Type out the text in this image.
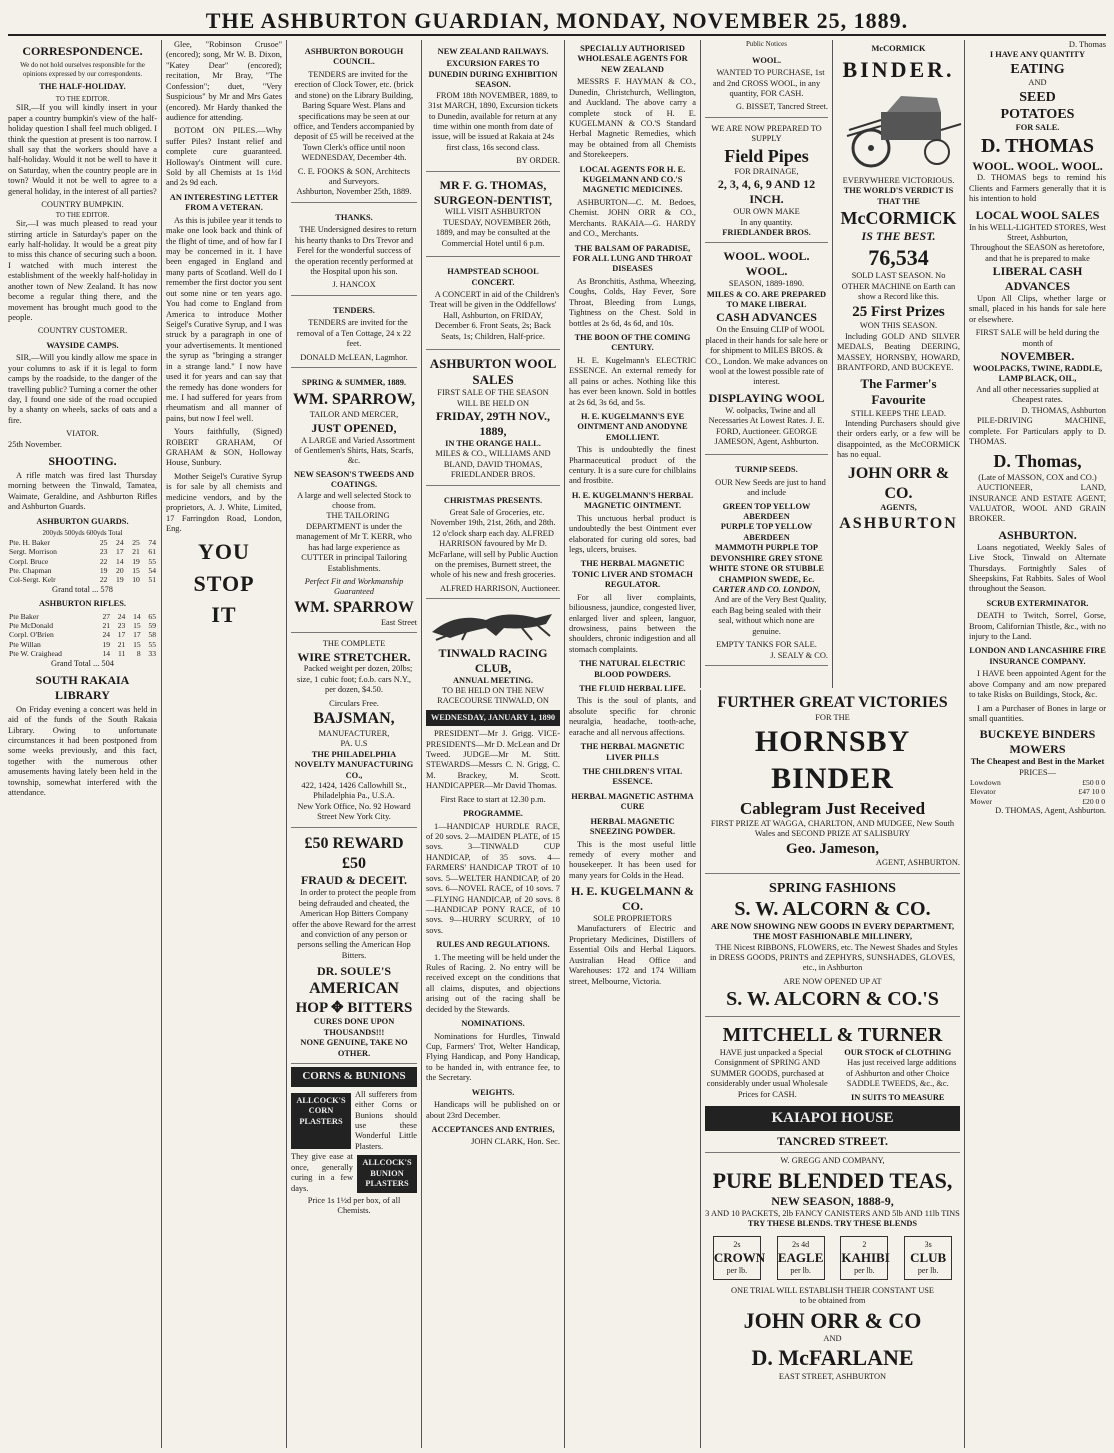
THE ASHBURTON GUARDIAN, MONDAY, NOVEMBER 25, 1889.
CORRESPONDENCE.
We do not hold ourselves responsible for the opinions expressed by our correspondents.
THE HALF-HOLIDAY.
TO THE EDITOR.

SIR,—If you will kindly insert in your paper a country bumpkin's view of the half-holiday question I shall feel much obliged. I think the question at present is too narrow. I shall say that the workers should have a half-holiday. Would it not be well to have it on Saturday, when the country people are in town? Would it not be well to agree to a general holiday, in the interest of all parties?

COUNTRY BUMPKIN.
TO THE EDITOR.

Sir,—I was much pleased to read your stirring article in Saturday's paper on the early half-holiday. It would be a great pity to miss this chance of securing such a boon. I watched with much interest the establishment of the weekly half-holiday in another town of New Zealand. It has now become a regular thing there, and the movement has brought much good to the people.

COUNTRY CUSTOMER.
WAYSIDE CAMPS.

SIR,—Will you kindly allow me space in your columns to ask if it is legal to form camps by the roadside, to the danger of the travelling public? Turning a corner the other day, I found one side of the road occupied by a shanty on wheels, sacks of oats and a fire.

VIATOR.
25th November.
SHOOTING.

A rifle match was fired last Thursday morning between the Tinwald, Tamatea, Waimate, Geraldine, and Ashburton Rifles and Ashburton Guards.

ASHBURTON GUARDS.
200yds 500yds 600yds Total
Pte. H. Baker	25	24	25	74
Sergt. Morrison	23	17	21	61
Corpl. Bruce	22	14	19	55
Pte. Chapman	19	20	15	54
Col-Sergt. Kelr	22	19	10	51
Grand total ... 578
ASHBURTON RIFLES.
Pte Baker	27	24	14	65
Pte McDonald	21	23	15	59
Corpl. O'Brien	24	17	17	58
Pte Willan	19	21	15	55
Pte W. Craighead	14	11	8	33
Grand Total ... 504
SOUTH RAKAIA LIBRARY

On Friday evening a concert was held in aid of the funds of the South Rakaia Library. Owing to unfortunate circumstances it had been postponed from some weeks previously, and this fact, together with the numerous other amusements having lately been held in the township, somewhat interfered with the attendance.

Glee, "Robinson Crusoe" (encored); song, Mr W. B. Dixon, "Katey Dear" (encored); recitation, Mr Bray, "The Confession"; duet, "Very Suspicious" by Mr and Mrs Gates (encored). Mr Hardy thanked the audience for attending.

BOTOM ON PILES.—Why suffer Piles? Instant relief and complete cure guaranteed. Holloway's Ointment will cure. Sold by all Chemists at 1s 1½d and 2s 9d each.

AN INTERESTING LETTER FROM A VETERAN.

As this is jubilee year it tends to make one look back and think of the flight of time, and of how far I may be concerned in it. I have been engaged in England and many parts of Scotland. Well do I remember the first doctor you sent out some nine or ten years ago. You had come to England from America to introduce Mother Seigel's Curative Syrup, and I was struck by a paragraph in one of your advertisements. It mentioned the syrup as "bringing a stranger in a strange land." I now have used it for years and can say that the remedy has done wonders for me. I had suffered for years from rheumatism and all manner of pains, but now I feel well.

Yours faithfully, (Signed) ROBERT GRAHAM, Of GRAHAM & SON, Holloway House, Sunbury.

Mother Seigel's Curative Syrup is for sale by all chemists and medicine vendors, and by the proprietors, A. J. White, Limited, 17 Farringdon Road, London, Eng.

YOU
STOP
IT
ASHBURTON BOROUGH COUNCIL.

TENDERS are invited for the erection of Clock Tower, etc. (brick and stone) on the Library Building, Baring Square West. Plans and specifications may be seen at our office, and Tenders accompanied by deposit of £5 will be received at the Town Clerk's office until noon WEDNESDAY, December 4th.

C. E. FOOKS & SON, Architects and Surveyors.
Ashburton, November 25th, 1889.
THANKS.

THE Undersigned desires to return his hearty thanks to Drs Trevor and Ferel for the wonderful success of the operation recently performed at the Hospital upon his son.

J. HANCOX
TENDERS.

TENDERS are invited for the removal of a Ten Cottage, 24 x 22 feet.

DONALD McLEAN, Lagmhor.
SPRING & SUMMER, 1889.
WM. SPARROW,
TAILOR AND MERCER,
JUST OPENED,

A LARGE and Varied Assortment of Gentlemen's Shirts, Hats, Scarfs, &c.

NEW SEASON'S TWEEDS AND COATINGS.
A large and well selected Stock to choose from.

THE TAILORING DEPARTMENT is under the management of Mr T. KERR, who has had large experience as CUTTER in principal Tailoring Establishments.

Perfect Fit and Workmanship Guaranteed
WM. SPARROW
East Street
THE COMPLETE
WIRE STRETCHER.

Packed weight per dozen, 20lbs; size, 1 cubic foot; f.o.b. cars N.Y., per dozen, $4.50.

Circulars Free.
BAJSMAN,
MANUFACTURER,
PA. U.S
THE PHILADELPHIA NOVELTY MANUFACTURING CO.,
422, 1424, 1426 Callowhill St., Philadelphia Pa., U.S.A.
New York Office, No. 92 Howard Street New York City.
£50 REWARD £50
FRAUD & DECEIT.

In order to protect the people from being defrauded and cheated, the American Hop Bitters Company offer the above Reward for the arrest and conviction of any person or persons selling the American Hop Bitters.

DR. SOULE'S
AMERICAN
HOP ✥ BITTERS
CURES DONE UPON THOUSANDS!!!
NONE GENUINE, TAKE NO OTHER.
CORNS & BUNIONS
ALLCOCK'S CORN PLASTERS
All sufferers from either Corns or Bunions should use these Wonderful Little Plasters.
They give ease at once, generally curing in a few days.
ALLCOCK'S BUNION PLASTERS
Price 1s 1½d per box, of all Chemists.
NEW ZEALAND RAILWAYS.
EXCURSION FARES TO DUNEDIN DURING EXHIBITION SEASON.

FROM 18th NOVEMBER, 1889, to 31st MARCH, 1890, Excursion tickets to Dunedin, available for return at any time within one month from date of issue, will be issued at Rakaia at 24s first class, 16s second class.

BY ORDER.
MR F. G. THOMAS,
SURGEON-DENTIST,
WILL VISIT ASHBURTON

TUESDAY, NOVEMBER 26th, 1889, and may be consulted at the Commercial Hotel until 6 p.m.

HAMPSTEAD SCHOOL CONCERT.

A CONCERT in aid of the Children's Treat will be given in the Oddfellows' Hall, Ashburton, on FRIDAY, December 6. Front Seats, 2s; Back Seats, 1s; Children, Half-price.

ASHBURTON WOOL SALES
FIRST SALE OF THE SEASON WILL BE HELD ON
FRIDAY, 29TH NOV., 1889,
IN THE ORANGE HALL.
MILES & CO., WILLIAMS AND BLAND, DAVID THOMAS, FRIEDLANDER BROS.
CHRISTMAS PRESENTS.

Great Sale of Groceries, etc. November 19th, 21st, 26th, and 28th. 12 o'clock sharp each day. ALFRED HARRISON favoured by Mr D. McFarlane, will sell by Public Auction on the premises, Burnett street, the whole of his new and fresh groceries.

ALFRED HARRISON, Auctioneer.
TINWALD RACING CLUB,
ANNUAL MEETING.
TO BE HELD ON THE NEW RACECOURSE TINWALD, ON
WEDNESDAY, JANUARY 1, 1890

PRESIDENT—Mr J. Grigg. VICE-PRESIDENTS—Mr D. McLean and Dr Tweed. JUDGE—Mr M. Stitt. STEWARDS—Messrs C. N. Grigg, C. M. Brackey, M. Scott. HANDICAPPER—Mr David Thomas.

First Race to start at 12.30 p.m.
PROGRAMME.

1—HANDICAP HURDLE RACE, of 20 sovs. 2—MAIDEN PLATE, of 15 sovs. 3—TINWALD CUP HANDICAP, of 35 sovs. 4—FARMERS' HANDICAP TROT of 10 sovs. 5—WELTER HANDICAP, of 20 sovs. 6—NOVEL RACE, of 10 sovs. 7—FLYING HANDICAP, of 20 sovs. 8—HANDICAP PONY RACE, of 10 sovs. 9—HURRY SCURRY, of 10 sovs.

RULES AND REGULATIONS.

1. The meeting will be held under the Rules of Racing. 2. No entry will be received except on the conditions that all claims, disputes, and objections arising out of the racing shall be decided by the Stewards.

NOMINATIONS.

Nominations for Hurdles, Tinwald Cup, Farmers' Trot, Welter Handicap, Flying Handicap, and Pony Handicap, to be handed in, with entrance fee, to the Secretary.

WEIGHTS.

Handicaps will be published on or about 23rd December.

ACCEPTANCES AND ENTRIES,
JOHN CLARK, Hon. Sec.
SPECIALLY AUTHORISED WHOLESALE AGENTS FOR NEW ZEALAND

MESSRS F. HAYMAN & CO., Dunedin, Christchurch, Wellington, and Auckland. The above carry a complete stock of H. E. KUGELMANN & CO.'S Standard Herbal Magnetic Remedies, which may be obtained from all Chemists and Storekeepers.

LOCAL AGENTS FOR H. E. KUGELMANN AND CO.'S MAGNETIC MEDICINES.

ASHBURTON—C. M. Bedoes, Chemist. JOHN ORR & CO., Merchants. RAKAIA—G. HARDY and CO., Merchants.

THE BALSAM OF PARADISE, FOR ALL LUNG AND THROAT DISEASES

As Bronchitis, Asthma, Wheezing, Coughs, Colds, Hay Fever, Sore Throat, Bleeding from Lungs, Tightness on the Chest. Sold in bottles at 2s 6d, 4s 6d, and 10s.

THE BOON OF THE COMING CENTURY.

H. E. Kugelmann's ELECTRIC ESSENCE. An external remedy for all pains or aches. Nothing like this has ever been known. Sold in bottles at 2s 6d, 3s 6d, and 5s.

H. E. KUGELMANN'S EYE OINTMENT AND ANODYNE EMOLLIENT.

This is undoubtedly the finest Pharmaceutical product of the century. It is a sure cure for chilblains and frostbite.

H. E. KUGELMANN'S HERBAL MAGNETIC OINTMENT.

This unctuous herbal product is undoubtedly the best Ointment ever elaborated for curing old sores, bad legs, ulcers, bruises.

THE HERBAL MAGNETIC TONIC LIVER AND STOMACH REGULATOR.

For all liver complaints, biliousness, jaundice, congested liver, enlarged liver and spleen, languor, drowsiness, pains between the shoulders, chronic indigestion and all stomach complaints.

THE NATURAL ELECTRIC BLOOD POWDERS.
THE FLUID HERBAL LIFE.

This is the soul of plants, and absolute specific for chronic neuralgia, headache, tooth-ache, earache and all nervous affections.

THE HERBAL MAGNETIC LIVER PILLS
THE CHILDREN'S VITAL ESSENCE.
HERBAL MAGNETIC ASTHMA CURE
HERBAL MAGNETIC SNEEZING POWDER.

This is the most useful little remedy of every mother and housekeeper. It has been used for many years for Colds in the Head.

H. E. KUGELMANN & CO.
SOLE PROPRIETORS

Manufacturers of Electric and Proprietary Medicines, Distillers of Essential Oils and Herbal Liquors. Australian Head Office and Warehouses: 172 and 174 William street, Melbourne, Victoria.

Public Notices
WOOL.

WANTED TO PURCHASE, 1st and 2nd CROSS WOOL, in any quantity, FOR CASH.

G. BISSET, Tancred Street.
WE ARE NOW PREPARED TO SUPPLY
Field Pipes
FOR DRAINAGE,
2, 3, 4, 6, 9 AND 12 INCH.
OUR OWN MAKE
In any quantity.
FRIEDLANDER BROS.
WOOL. WOOL. WOOL.
SEASON, 1889-1890.
MILES & CO. ARE PREPARED TO MAKE LIBERAL
CASH ADVANCES

On the Ensuing CLIP of WOOL placed in their hands for sale here or for shipment to MILES BROS. & CO., London. We make advances on wool at the lowest possible rate of interest.

DISPLAYING WOOL

W. oolpacks, Twine and all Necessaries At Lowest Rates. J. E. FORD, Auctioneer. GEORGE JAMESON, Agent, Ashburton.

TURNIP SEEDS.

OUR New Seeds are just to hand and include

GREEN TOP YELLOW ABERDEEN
PURPLE TOP YELLOW ABERDEEN
MAMMOTH PURPLE TOP
DEVONSHIRE GREY STONE
WHITE STONE OR STUBBLE
CHAMPION SWEDE, Ec.
CARTER AND CO. LONDON,

And are of the Very Best Quality, each Bag being sealed with their seal, without which none are genuine.

EMPTY TANKS FOR SALE.
J. SEALY & CO.
McCORMICK
BINDER.
EVERYWHERE VICTORIOUS.
THE WORLD'S VERDICT IS THAT THE
McCORMICK
IS THE BEST.
76,534
SOLD LAST SEASON. No OTHER MACHINE on Earth can show a Record like this.
25 First Prizes
WON THIS SEASON.

Including GOLD AND SILVER MEDALS, Beating DEERING, MASSEY, HORNSBY, HOWARD, BRANTFORD, AND BUCKEYE.

The Farmer's Favourite
STILL KEEPS THE LEAD.

Intending Purchasers should give their orders early, or a few will be disappointed, as the McCORMICK has no equal.

JOHN ORR & CO.
AGENTS,
ASHBURTON
FURTHER GREAT VICTORIES
FOR THE
HORNSBY BINDER
Cablegram Just Received
FIRST PRIZE AT WAGGA, CHARLTON, AND MUDGEE, New South Wales and SECOND PRIZE AT SALISBURY
Geo. Jameson,
AGENT, ASHBURTON.
SPRING FASHIONS
S. W. ALCORN & CO.
ARE NOW SHOWING NEW GOODS IN EVERY DEPARTMENT,
THE MOST FASHIONABLE MILLINERY,

THE Nicest RIBBONS, FLOWERS, etc. The Newest Shades and Styles in DRESS GOODS, PRINTS and ZEPHYRS, SUNSHADES, GLOVES, etc., in Ashburton

ARE NOW OPENED UP AT
S. W. ALCORN & CO.'S
MITCHELL & TURNER

HAVE just unpacked a Special Consignment of SPRING AND SUMMER GOODS, purchased at considerably under usual Wholesale Prices for CASH.

OUR STOCK of CLOTHING

Has just received large additions of Ashburton and other Choice SADDLE TWEEDS, &c., &c.

IN SUITS TO MEASURE
KAIAPOI HOUSE
TANCRED STREET.
W. GREGG AND COMPANY,
PURE BLENDED TEAS,
NEW SEASON, 1888-9,
3 AND 10 PACKETS, 2lb FANCY CANISTERS AND 5lb AND 11lb TINS
TRY THESE BLENDS. TRY THESE BLENDS
2s
CROWN
per lb.
2s 4d
EAGLE
per lb.
2
KAHIBI
per lb.
3s
CLUB
per lb.
ONE TRIAL WILL ESTABLISH THEIR CONSTANT USE
to be obtained from
JOHN ORR & CO
AND
D. McFARLANE
EAST STREET, ASHBURTON
D. Thomas
I HAVE ANY QUANTITY
EATING
AND
SEED
POTATOES
FOR SALE.
D. THOMAS
WOOL. WOOL. WOOL.

D. THOMAS begs to remind his Clients and Farmers generally that it is his intention to hold

LOCAL WOOL SALES
In his WELL-LIGHTED STORES, West Street, Ashburton,
Throughout the SEASON as heretofore, and that he is prepared to make
LIBERAL CASH ADVANCES

Upon All Clips, whether large or small, placed in his hands for sale here or elsewhere.

FIRST SALE will be held during the month of
NOVEMBER.
WOOLPACKS, TWINE, RADDLE, LAMP BLACK, OIL,
And all other necessaries supplied at Cheapest rates.
D. THOMAS, Ashburton

PILE-DRIVING MACHINE, complete. For Particulars apply to D. THOMAS.

D. Thomas,
(Late of MASSON, COX and CO.)

AUCTIONEER, LAND, INSURANCE AND ESTATE AGENT, VALUATOR, WOOL AND GRAIN BROKER.

ASHBURTON.

Loans negotiated, Weekly Sales of Live Stock, Tinwald on Alternate Thursdays. Fortnightly Sales of Sheepskins, Fat Rabbits. Sales of Wool throughout the Season.

SCRUB EXTERMINATOR.

DEATH to Twitch, Sorrel, Gorse, Broom, Californian Thistle, &c., with no injury to the Land.

LONDON AND LANCASHIRE FIRE INSURANCE COMPANY.

I HAVE been appointed Agent for the above Company and am now prepared to take Risks on Buildings, Stock, &c.

I am a Purchaser of Bones in large or small quantities.

BUCKEYE BINDERS
MOWERS
The Cheapest and Best in the Market
PRICES—
Lowdown	£50 0 0
Elevator	£47 10 0
Mower	£20 0 0
D. THOMAS, Agent, Ashburton.
